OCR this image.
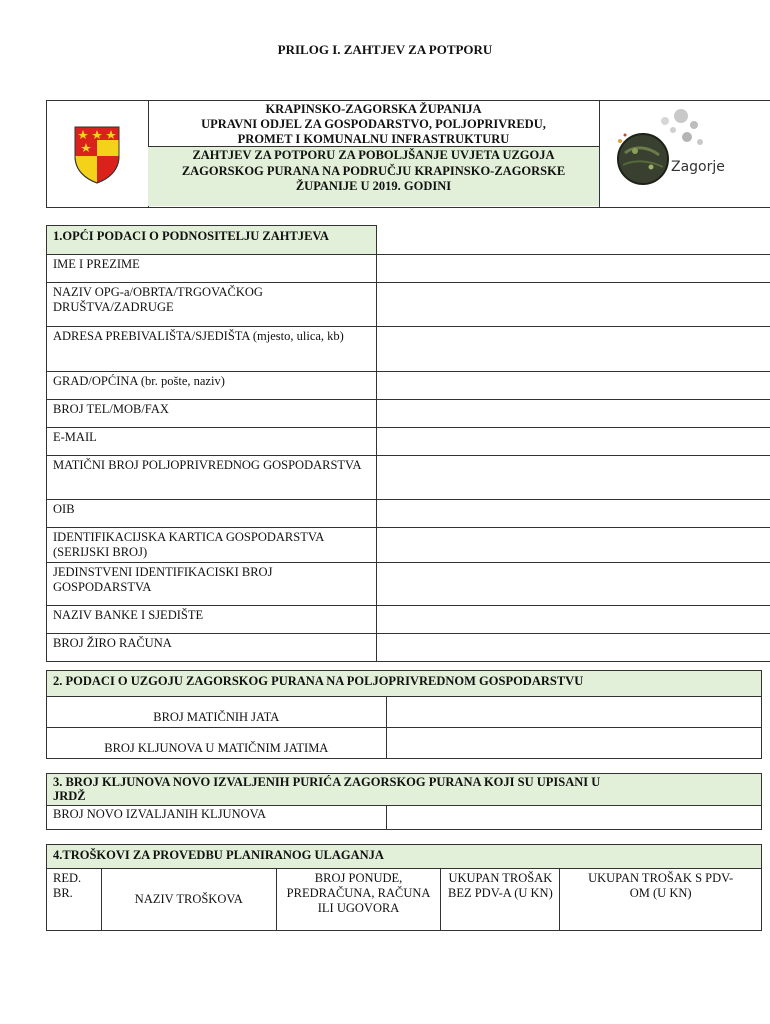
PRILOG I. ZAHTJEV ZA POTPORU
KRAPINSKO-ZAGORSKA ŽUPANIJA
UPRAVNI ODJEL ZA GOSPODARSTVO, POLJOPRIVREDU,
PROMET I KOMUNALNU INFRASTRUKTURU
ZAHTJEV ZA POTPORU ZA POBOLJŠANJE UVJETA UZGOJA
ZAGORSKOG PURANA NA PODRUČJU KRAPINSKO-ZAGORSKE
ŽUPANIJE U 2019. GODINI
Zagorje
1.OPĆI PODACI O PODNOSITELJU ZAHTJEVA	
IME I PREZIME	
NAZIV OPG-a/OBRTA/TRGOVAČKOG DRUŠTVA/ZADRUGE	
ADRESA PREBIVALIŠTA/SJEDIŠTA (mjesto, ulica, kb)	
GRAD/OPĆINA (br. pošte, naziv)	
BROJ TEL/MOB/FAX	
E-MAIL	
MATIČNI BROJ POLJOPRIVREDNOG GOSPODARSTVA	
OIB	
IDENTIFIKACIJSKA KARTICA GOSPODARSTVA (SERIJSKI BROJ)	
JEDINSTVENI IDENTIFIKACISKI BROJ GOSPODARSTVA	
NAZIV BANKE I SJEDIŠTE	
BROJ ŽIRO RAČUNA	
2. PODACI O UZGOJU ZAGORSKOG PURANA NA POLJOPRIVREDNOM GOSPODARSTVU	
BROJ MATIČNIH JATA	
BROJ KLJUNOVA U MATIČNIM JATIMA	
3. BROJ KLJUNOVA NOVO IZVALJENIH PURIĆA ZAGORSKOG PURANA KOJI SU UPISANI U JRDŽ
BROJ NOVO IZVALJANIH KLJUNOVA	
4.TROŠKOVI ZA PROVEDBU PLANIRANOG ULAGANJA
RED. BR.	NAZIV TROŠKOVA	BROJ PONUDE, PREDRAČUNA, RAČUNA ILI UGOVORA	UKUPAN TROŠAK BEZ PDV-A (U KN)	UKUPAN TROŠAK S PDV-OM (U KN)
